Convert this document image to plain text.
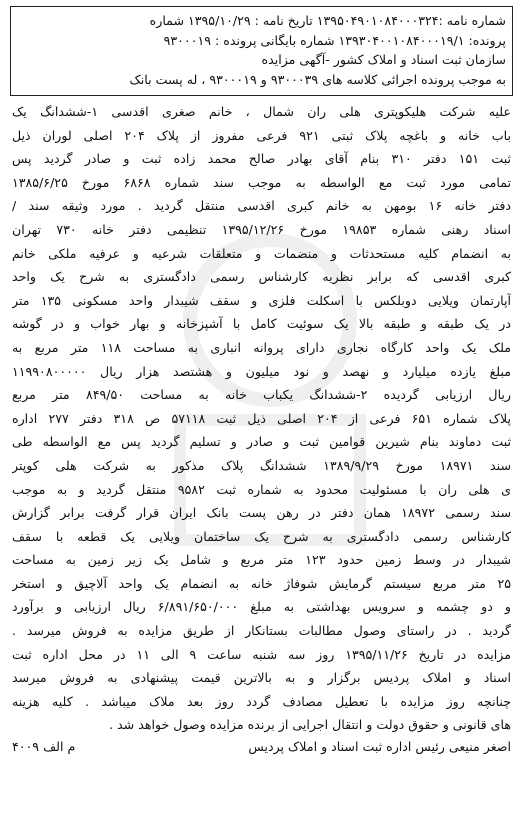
شماره نامه :۱۳۹۵۰۴۹۰۱۰۸۴۰۰۰۳۲۴ تاریخ نامه : ۱۳۹۵/۱۰/۲۹ شماره
پرونده: ۱۳۹۳۰۴۰۰۱۰۸۴۰۰۰۱۹/۱ شماره بایگانی پرونده : ۹۳۰۰۰۱۹
سازمان ثبت اسناد و املاک کشور -آگهی مزایده
به موجب پرونده اجرائی کلاسه های ۹۳۰۰۰۳۹ و ۹۳۰۰۰۱۹ ، له پست بانک
علیه شرکت هلیکوپتری هلی ران شمال ، خانم صغری اقدسی ۱-ششدانگ یک
باب خانه و باغچه پلاک ثبتی ۹۲۱ فرعی مفروز از پلاک ۲۰۴ اصلی لوران ذیل
ثبت ۱۵۱ دفتر ۳۱۰ بنام آقای بهادر صالح محمد زاده ثبت و صادر گردید پس
تمامی مورد ثبت مع الواسطه به موجب سند شماره ۶۸۶۸ مورخ ۱۳۸۵/۶/۲۵
دفتر خانه ۱۶ بومهن به خانم کبری اقدسی منتقل گردید . مورد وثیقه سند /
اسناد رهنی شماره ۱۹۸۵۳ مورخ ۱۳۹۵/۱۲/۲۶ تنظیمی دفتر خانه ۷۳۰ تهران
به انضمام کلیه مستحدثات و منضمات و متعلقات شرعیه و عرفیه ملکی خانم
کبری اقدسی که برابر نظریه کارشناس رسمی دادگستری به شرح یک واحد
آپارتمان ویلایی دوبلکس با اسکلت فلزی و سقف شیبدار واحد مسکونی ۱۳۵ متر
در یک طبقه و طبقه بالا یک سوئیت کامل با آشپزخانه و بهار خواب و در گوشه
ملک یک واحد کارگاه نجاری دارای پروانه انباری به مساحت ۱۱۸ متر مربع به
مبلغ یازده میلیارد و نهصد و نود میلیون و هشتصد هزار ریال ۱۱۹۹۰۸۰۰۰۰۰
ریال ارزیابی گردیده ۲-ششدانگ یکباب خانه به مساحت ۸۴۹/۵۰ متر مربع
پلاک شماره ۶۵۱ فرعی از ۲۰۴ اصلی ذیل ثبت ۵۷۱۱۸ ص ۳۱۸ دفتر ۲۷۷ اداره
ثبت دماوند بنام شیرین قوامین ثبت و صادر و تسلیم گردید پس مع الواسطه طی
سند ۱۸۹۷۱ مورخ ۱۳۸۹/۹/۲۹ ششدانگ پلاک مذکور به شرکت هلی کوپتر
ی هلی ران با مسئولیت محدود به شماره ثبت ۹۵۸۲ منتقل گردید و به موجب
سند رسمی ۱۸۹۷۲ همان دفتر در رهن پست بانک ایران قرار گرفت برابر گزارش
کارشناس رسمی دادگستری به شرح یک ساختمان ویلایی یک قطعه با سقف
شیبدار در وسط زمین حدود ۱۲۳ متر مربع و شامل یک زیر زمین به مساحت
۲۵ متر مربع سیستم گرمایش شوفاژ خانه به انضمام یک واحد آلاچیق و استخر
و دو چشمه و سرویس بهداشتی به مبلغ ۶/۸۹۱/۶۵۰/۰۰۰ ریال ارزیابی و برآورد
گردید . در راستای وصول مطالبات بستانکار از طریق مزایده به فروش میرسد .
مزایده در تاریخ ۱۳۹۵/۱۱/۲۶ روز سه شنبه ساعت ۹ الی ۱۱ در محل اداره ثبت
اسناد و املاک پردیس برگزار و به بالاترین قیمت پیشنهادی به فروش میرسد
چنانچه روز مزایده با تعطیل مصادف گردد روز بعد ملاک میباشد . کلیه هزینه
های قانونی و حقوق دولت و انتقال اجرایی از برنده مزایده وصول خواهد شد .
اصغر منیعی رئیس اداره ثبت اسناد و املاک پردیس
م الف ۴۰۰۹
